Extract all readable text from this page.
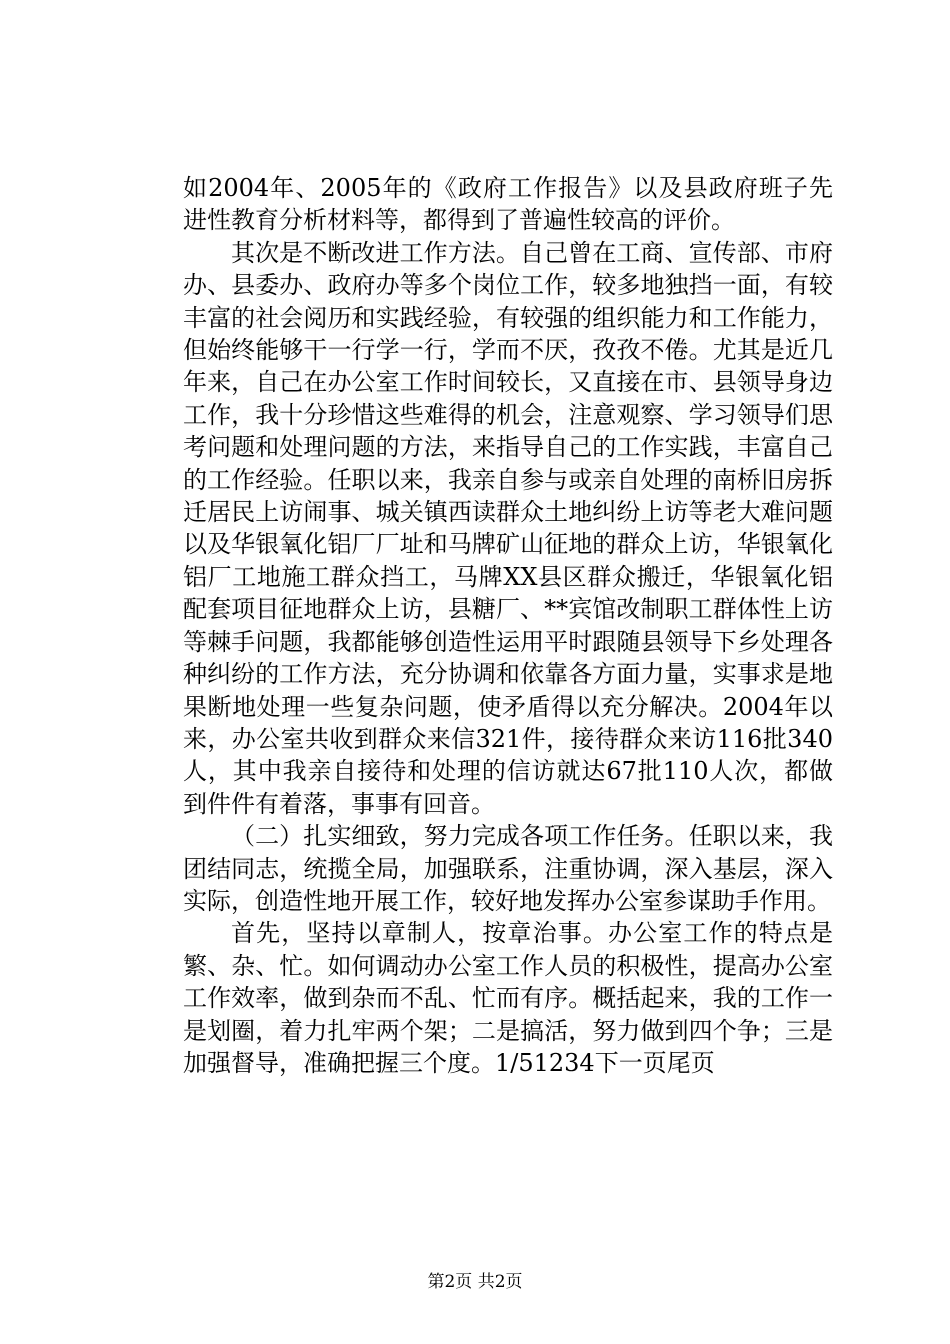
如2004年、2005年的《政府工作报告》以及县政府班子先进性教育分析材料等，都得到了普遍性较高的评价。

其次是不断改进工作方法。自己曾在工商、宣传部、市府办、县委办、政府办等多个岗位工作，较多地独挡一面，有较丰富的社会阅历和实践经验，有较强的组织能力和工作能力，但始终能够干一行学一行，学而不厌，孜孜不倦。尤其是近几年来，自己在办公室工作时间较长，又直接在市、县领导身边工作，我十分珍惜这些难得的机会，注意观察、学习领导们思考问题和处理问题的方法，来指导自己的工作实践，丰富自己的工作经验。任职以来，我亲自参与或亲自处理的南桥旧房拆迁居民上访闹事、城关镇西读群众土地纠纷上访等老大难问题以及华银氧化铝厂厂址和马牌矿山征地的群众上访，华银氧化铝厂工地施工群众挡工，马牌XX县区群众搬迁，华银氧化铝配套项目征地群众上访，县糖厂、**宾馆改制职工群体性上访等棘手问题，我都能够创造性运用平时跟随县领导下乡处理各种纠纷的工作方法，充分协调和依靠各方面力量，实事求是地果断地处理一些复杂问题，使矛盾得以充分解决。2004年以来，办公室共收到群众来信321件，接待群众来访116批340人，其中我亲自接待和处理的信访就达67批110人次，都做到件件有着落，事事有回音。

（二）扎实细致，努力完成各项工作任务。任职以来，我团结同志，统揽全局，加强联系，注重协调，深入基层，深入实际，创造性地开展工作，较好地发挥办公室参谋助手作用。

首先，坚持以章制人，按章治事。办公室工作的特点是繁、杂、忙。如何调动办公室工作人员的积极性，提高办公室工作效率，做到杂而不乱、忙而有序。概括起来，我的工作一是划圈，着力扎牢两个架；二是搞活，努力做到四个争；三是加强督导，准确把握三个度。1/51234下一页尾页

第2页 共2页
